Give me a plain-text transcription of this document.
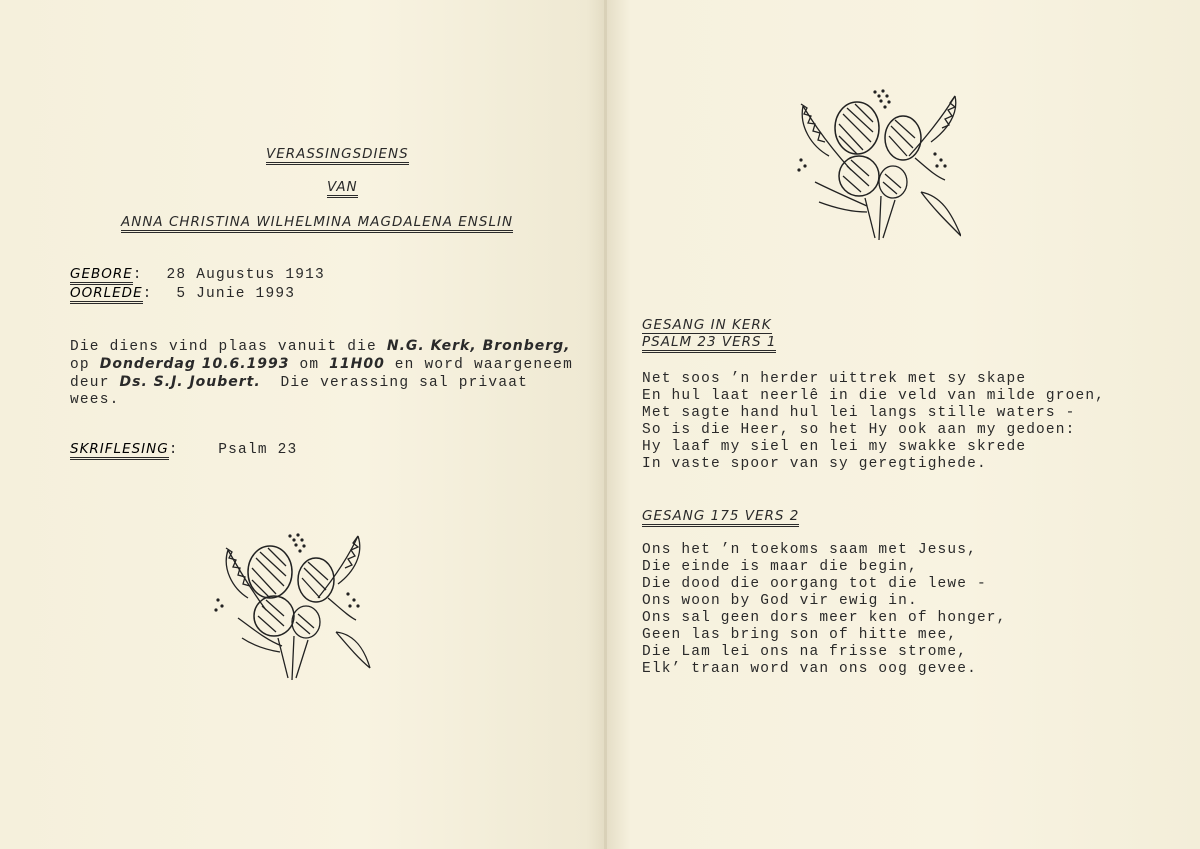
VERASSINGSDIENS
VAN
ANNA CHRISTINA WILHELMINA MAGDALENA ENSLIN
GEBORE : 28 Augustus 1913
OORLEDE : 5 Junie 1993
Die diens vind plaas vanuit die N.G. Kerk, Bronberg,
op Donderdag 10.6.1993 om 11H00 en word waargeneem
deur Ds. S.J. Joubert.  Die verassing sal privaat
wees.
SKRIFLESING : Psalm 23
GESANG IN KERK
PSALM 23 VERS 1
Net soos ’n herder uittrek met sy skape
En hul laat neerlê in die veld van milde groen,
Met sagte hand hul lei langs stille waters -
So is die Heer, so het Hy ook aan my gedoen:
Hy laaf my siel en lei my swakke skrede
In vaste spoor van sy geregtighede.
GESANG 175 VERS 2
Ons het ’n toekoms saam met Jesus,
Die einde is maar die begin,
Die dood die oorgang tot die lewe -
Ons woon by God vir ewig in.
Ons sal geen dors meer ken of honger,
Geen las bring son of hitte mee,
Die Lam lei ons na frisse strome,
Elk’ traan word van ons oog gevee.
